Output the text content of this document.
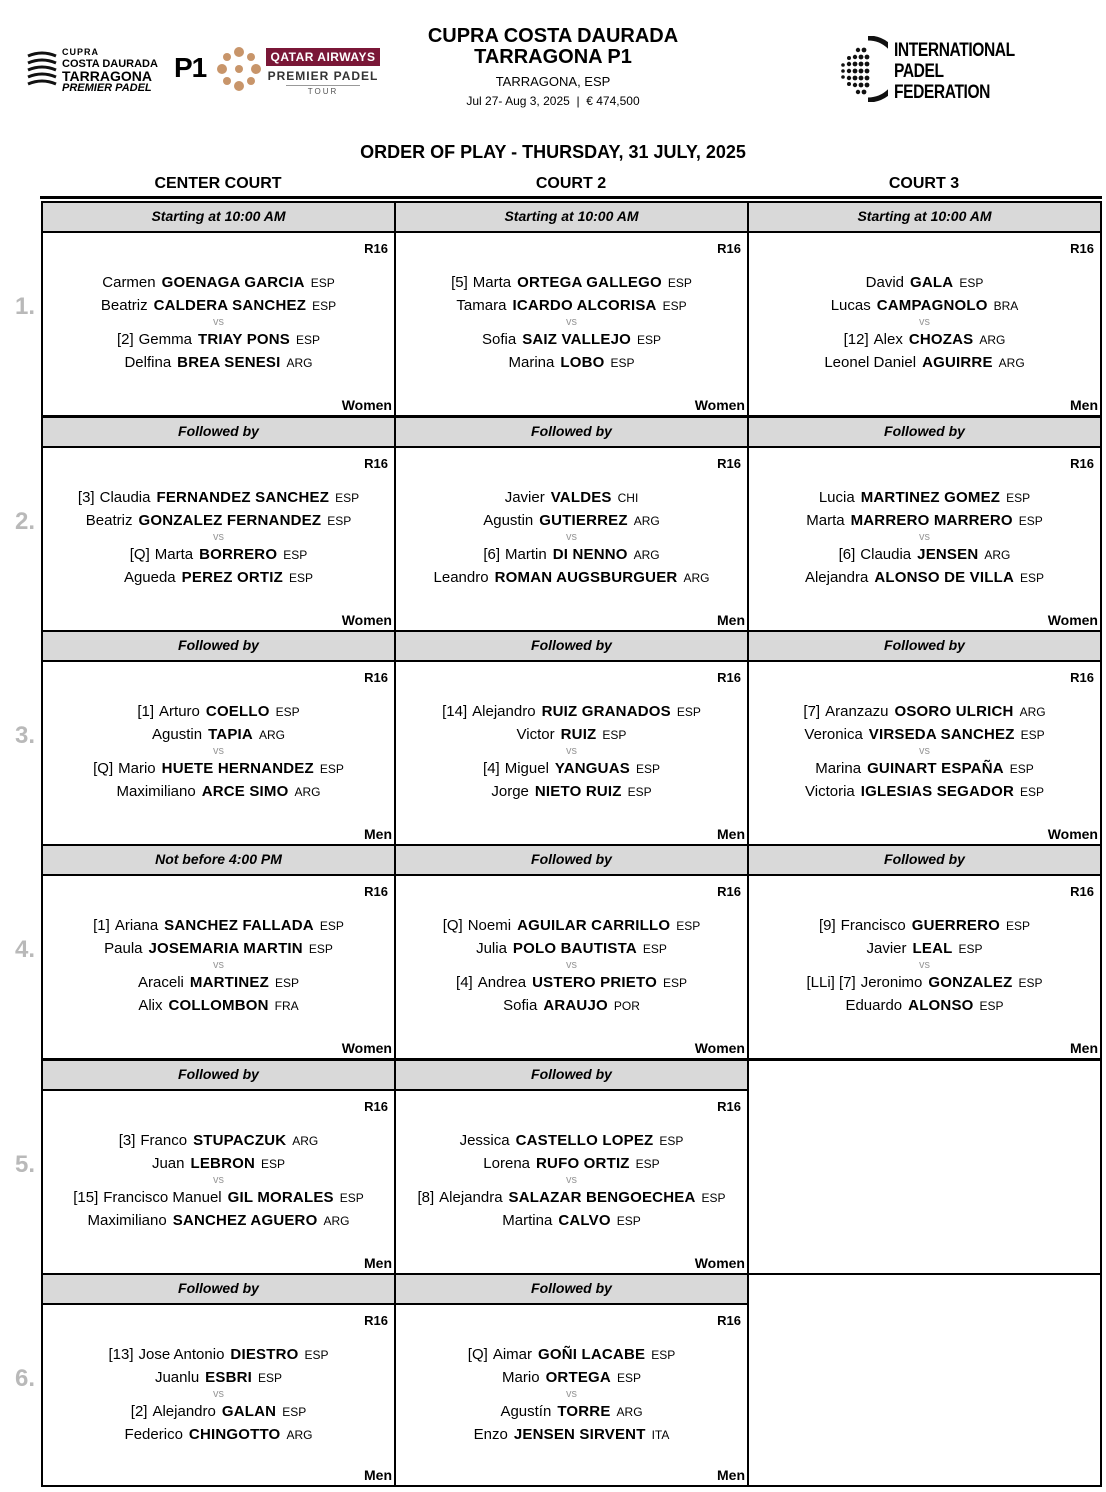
CUPRA
COSTA DAURADA
TARRAGONA
PREMIER PADEL
P1	QATAR AIRWAYS
PREMIER PADEL
TOUR
CUPRA COSTA DAURADA
TARRAGONA P1
TARRAGONA, ESP
Jul 27- Aug 3, 2025  |  € 474,500
INTERNATIONAL
PADEL
FEDERATION
ORDER OF PLAY - THURSDAY, 31 JULY, 2025
CENTER COURT	COURT 2	COURT 3
1.
Starting at 10:00 AM
R16
Carmen GOENAGA GARCIA ESP
Beatriz CALDERA SANCHEZ ESP
vs
[2] Gemma TRIAY PONS ESP
Delfina BREA SENESI ARG
Women
Starting at 10:00 AM
R16
[5] Marta ORTEGA GALLEGO ESP
Tamara ICARDO ALCORISA ESP
vs
Sofia SAIZ VALLEJO ESP
Marina LOBO ESP
Women
Starting at 10:00 AM
R16
David GALA ESP
Lucas CAMPAGNOLO BRA
vs
[12] Alex CHOZAS ARG
Leonel Daniel AGUIRRE ARG
Men
2.
Followed by
R16
[3] Claudia FERNANDEZ SANCHEZ ESP
Beatriz GONZALEZ FERNANDEZ ESP
vs
[Q] Marta BORRERO ESP
Agueda PEREZ ORTIZ ESP
Women
Followed by
R16
Javier VALDES CHI
Agustin GUTIERREZ ARG
vs
[6] Martin DI NENNO ARG
Leandro ROMAN AUGSBURGUER ARG
Men
Followed by
R16
Lucia MARTINEZ GOMEZ ESP
Marta MARRERO MARRERO ESP
vs
[6] Claudia JENSEN ARG
Alejandra ALONSO DE VILLA ESP
Women
3.
Followed by
R16
[1] Arturo COELLO ESP
Agustin TAPIA ARG
vs
[Q] Mario HUETE HERNANDEZ ESP
Maximiliano ARCE SIMO ARG
Men
Followed by
R16
[14] Alejandro RUIZ GRANADOS ESP
Victor RUIZ ESP
vs
[4] Miguel YANGUAS ESP
Jorge NIETO RUIZ ESP
Men
Followed by
R16
[7] Aranzazu OSORO ULRICH ARG
Veronica VIRSEDA SANCHEZ ESP
vs
Marina GUINART ESPAÑA ESP
Victoria IGLESIAS SEGADOR ESP
Women
4.
Not before 4:00 PM
R16
[1] Ariana SANCHEZ FALLADA ESP
Paula JOSEMARIA MARTIN ESP
vs
Araceli MARTINEZ ESP
Alix COLLOMBON FRA
Women
Followed by
R16
[Q] Noemi AGUILAR CARRILLO ESP
Julia POLO BAUTISTA ESP
vs
[4] Andrea USTERO PRIETO ESP
Sofia ARAUJO POR
Women
Followed by
R16
[9] Francisco GUERRERO ESP
Javier LEAL ESP
vs
[LLi] [7] Jeronimo GONZALEZ ESP
Eduardo ALONSO ESP
Men
5.
Followed by
R16
[3] Franco STUPACZUK ARG
Juan LEBRON ESP
vs
[15] Francisco Manuel GIL MORALES ESP
Maximiliano SANCHEZ AGUERO ARG
Men
Followed by
R16
Jessica CASTELLO LOPEZ ESP
Lorena RUFO ORTIZ ESP
vs
[8] Alejandra SALAZAR BENGOECHEA ESP
Martina CALVO ESP
Women
6.
Followed by
R16
[13] Jose Antonio DIESTRO ESP
Juanlu ESBRI ESP
vs
[2] Alejandro GALAN ESP
Federico CHINGOTTO ARG
Men
Followed by
R16
[Q] Aimar GOÑI LACABE ESP
Mario ORTEGA ESP
vs
Agustín TORRE ARG
Enzo JENSEN SIRVENT ITA
Men
